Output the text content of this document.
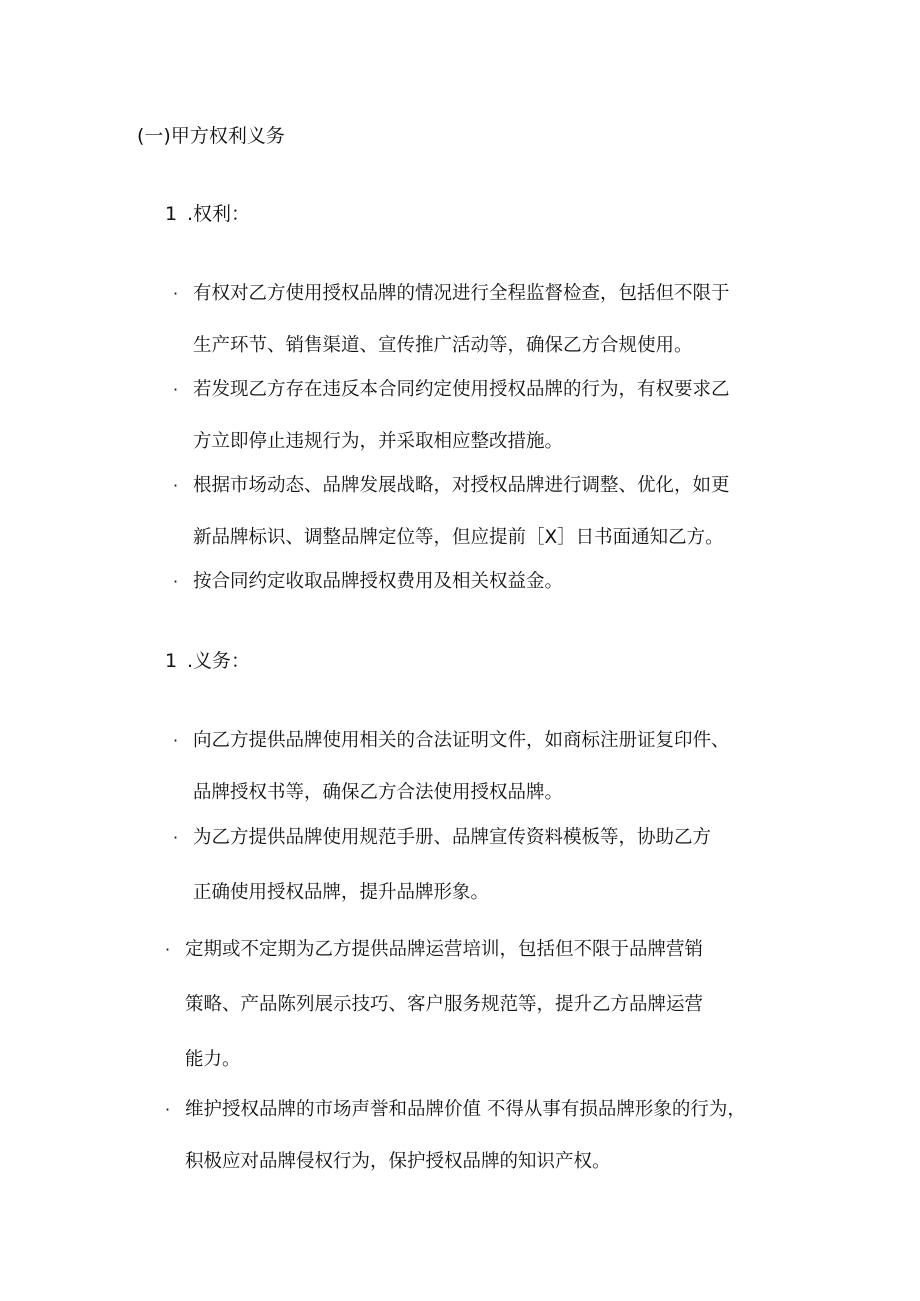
(一)甲方权利义务
1 .权利：
· 有权对乙方使用授权品牌的情况进行全程监督检查，包括但不限于
生产环节、销售渠道、宣传推广活动等，确保乙方合规使用。
· 若发现乙方存在违反本合同约定使用授权品牌的行为，有权要求乙
方立即停止违规行为，并采取相应整改措施。
· 根据市场动态、品牌发展战略，对授权品牌进行调整、优化，如更
新品牌标识、调整品牌定位等，但应提前［X］日书面通知乙方。
· 按合同约定收取品牌授权费用及相关权益金。
1 .义务：
· 向乙方提供品牌使用相关的合法证明文件，如商标注册证复印件、
品牌授权书等，确保乙方合法使用授权品牌。
· 为乙方提供品牌使用规范手册、品牌宣传资料模板等，协助乙方
正确使用授权品牌，提升品牌形象。
· 定期或不定期为乙方提供品牌运营培训，包括但不限于品牌营销
策略、产品陈列展示技巧、客户服务规范等，提升乙方品牌运营
能力。
· 维护授权品牌的市场声誉和品牌价值 不得从事有损品牌形象的行为，
积极应对品牌侵权行为，保护授权品牌的知识产权。
